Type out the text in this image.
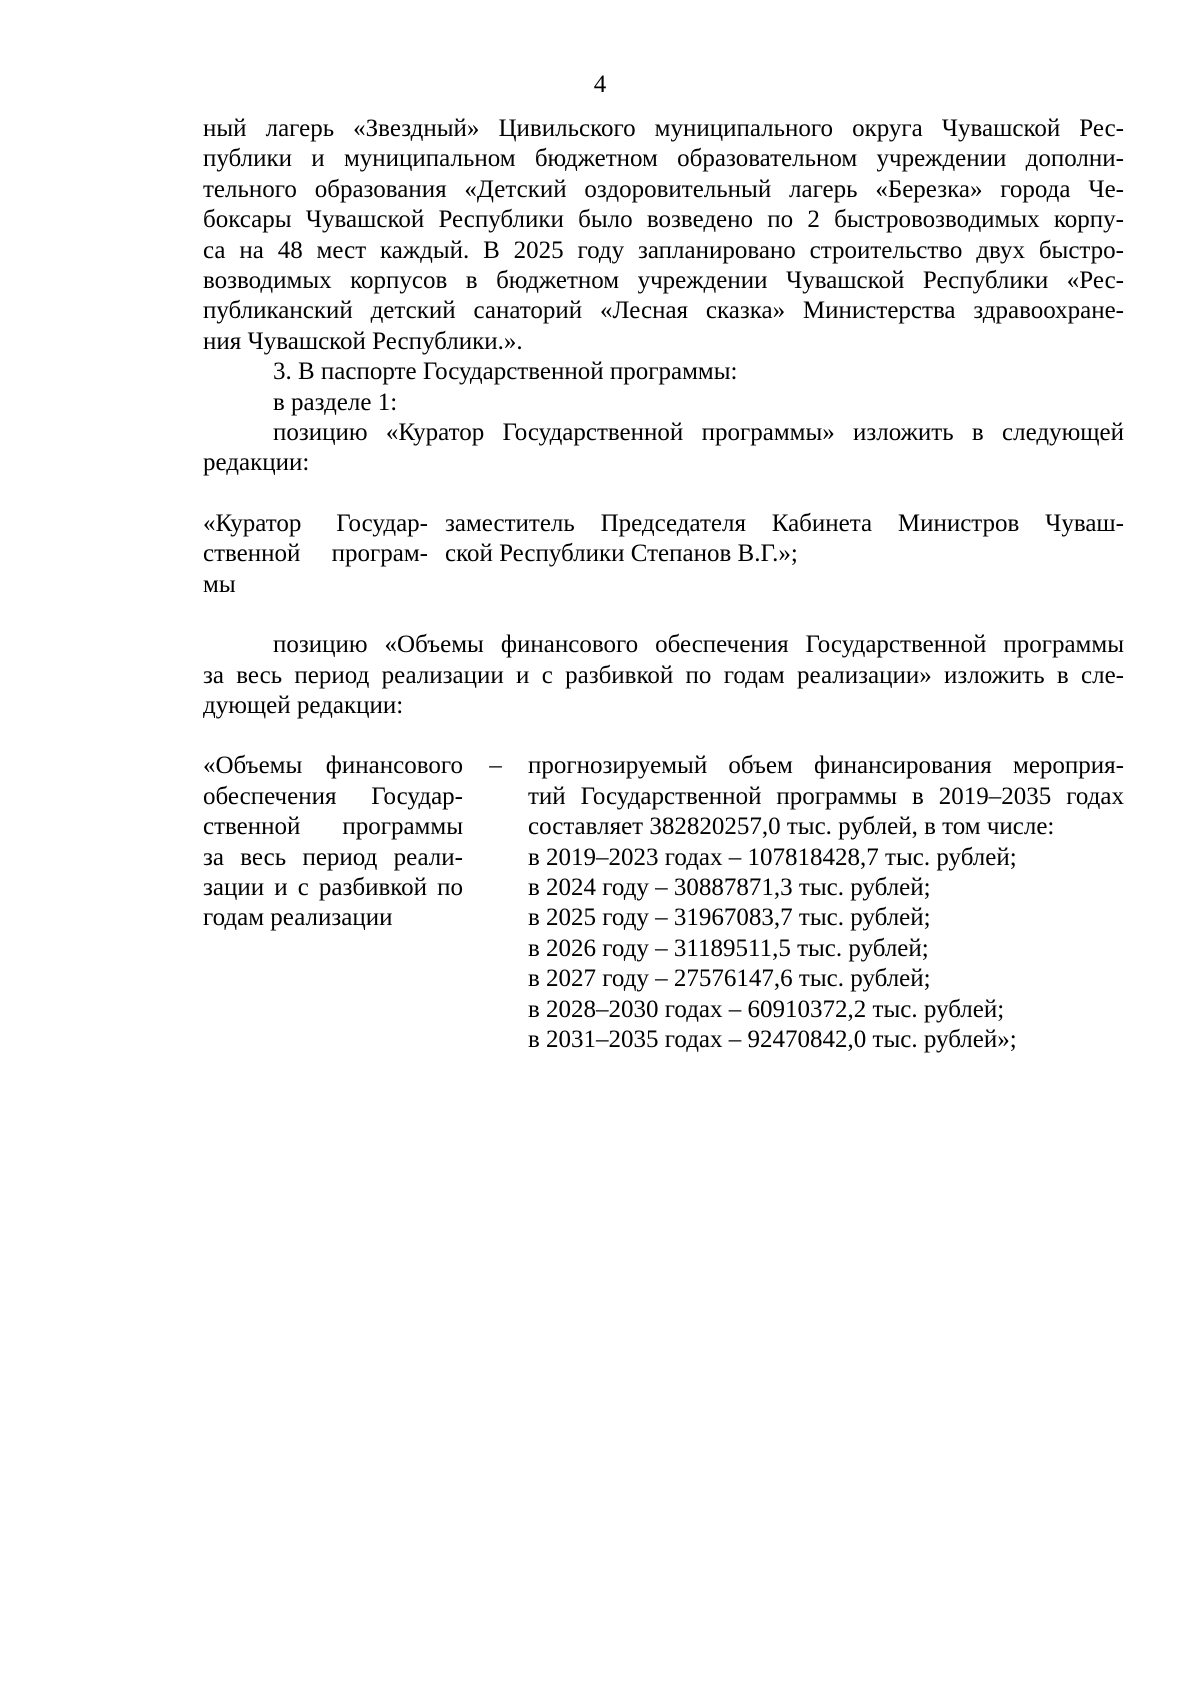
4

ный лагерь «Звездный» Цивильского муниципального округа Чувашской Рес-
публики и муниципальном бюджетном образовательном учреждении дополни-
тельного образования «Детский оздоровительный лагерь «Березка» города Че-
боксары Чувашской Республики было возведено по 2 быстровозводимых корпу-
са на 48 мест каждый. В 2025 году запланировано строительство двух быстро-
возводимых корпусов в бюджетном учреждении Чувашской Республики «Рес-
публиканский детский санаторий «Лесная сказка» Министерства здравоохране-
ния Чувашской Республики.».

3. В паспорте Государственной программы:

в разделе 1:

позицию «Куратор Государственной программы» изложить в следующей
редакции:

«Куратор Государ-
ственной програм-
мы
заместитель Председателя Кабинета Министров Чуваш-
ской Республики Степанов В.Г.»;

позицию «Объемы финансового обеспечения Государственной программы
за весь период реализации и с разбивкой по годам реализации» изложить в сле-
дующей редакции:

«Объемы финансового
обеспечения Государ-
ственной программы
за весь период реали-
зации и с разбивкой по
годам реализации
–	прогнозируемый объем финансирования мероприя-
тий Государственной программы в 2019–2035 годах
составляет 382820257,0 тыс. рублей, в том числе:
в 2019–2023 годах – 107818428,7 тыс. рублей;
в 2024 году – 30887871,3 тыс. рублей;
в 2025 году – 31967083,7 тыс. рублей;
в 2026 году – 31189511,5 тыс. рублей;
в 2027 году – 27576147,6 тыс. рублей;
в 2028–2030 годах – 60910372,2 тыс. рублей;
в 2031–2035 годах – 92470842,0 тыс. рублей»;
